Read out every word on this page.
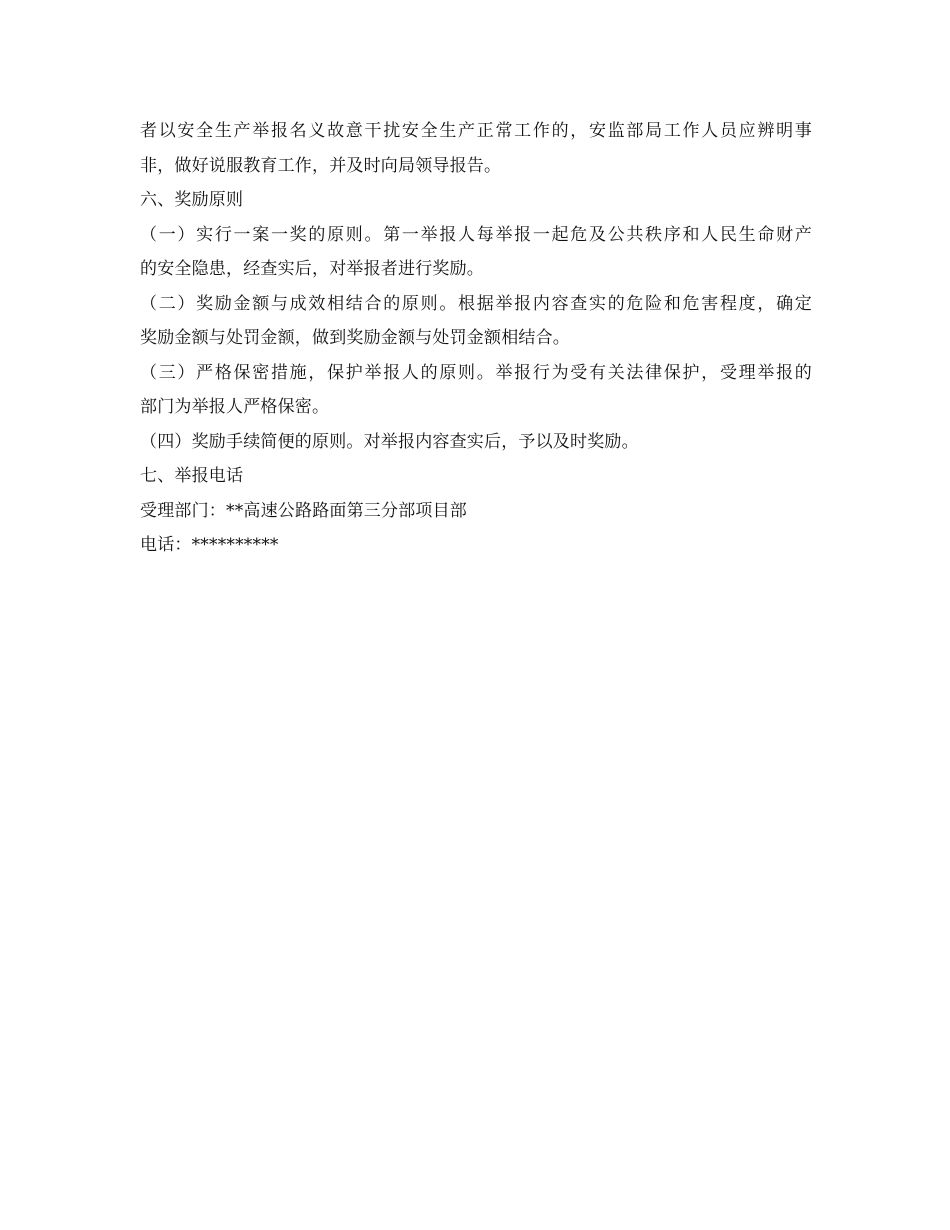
者以安全生产举报名义故意干扰安全生产正常工作的，安监部局工作人员应辨明事
非，做好说服教育工作，并及时向局领导报告。
六、奖励原则
（一）实行一案一奖的原则。第一举报人每举报一起危及公共秩序和人民生命财产
的安全隐患，经查实后，对举报者进行奖励。
（二）奖励金额与成效相结合的原则。根据举报内容查实的危险和危害程度，确定
奖励金额与处罚金额，做到奖励金额与处罚金额相结合。
（三）严格保密措施，保护举报人的原则。举报行为受有关法律保护，受理举报的
部门为举报人严格保密。
（四）奖励手续简便的原则。对举报内容查实后，予以及时奖励。
七、举报电话
受理部门：**高速公路路面第三分部项目部
电话：**********
